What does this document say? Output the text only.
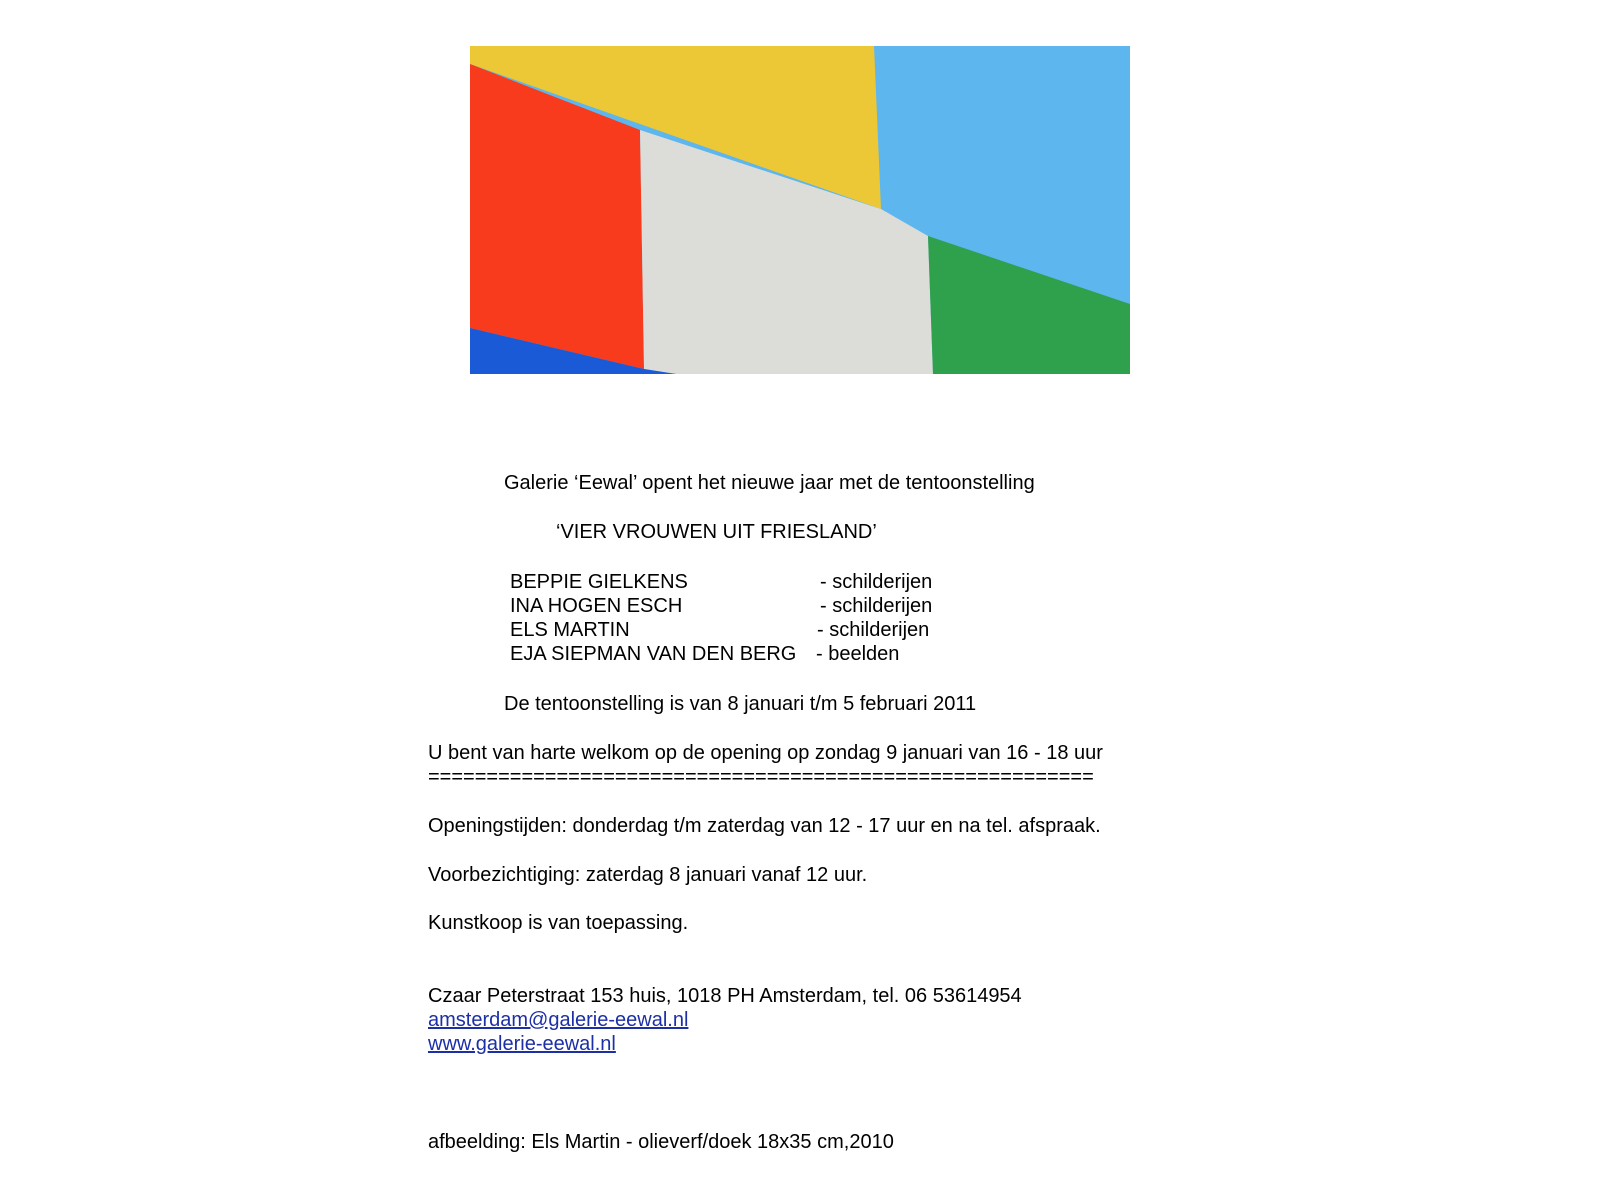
Galerie ‘Eewal’ opent het nieuwe jaar met de tentoonstelling

‘VIER VROUWEN UIT FRIESLAND’

BEPPIE GIELKENS	- schilderijen

INA HOGEN ESCH	- schilderijen

ELS MARTIN	- schilderijen

EJA SIEPMAN VAN DEN BERG - beelden

De tentoonstelling is van 8 januari t/m 5 februari 2011

U bent van harte welkom op de opening op zondag 9 januari van 16 - 18 uur

=========================================================

Openingstijden: donderdag t/m zaterdag van 12 - 17 uur en na tel. afspraak.

Voorbezichtiging: zaterdag 8 januari vanaf 12 uur.

Kunstkoop is van toepassing.

Czaar Peterstraat 153 huis, 1018 PH Amsterdam, tel. 06 53614954

amsterdam@galerie-eewal.nl
www.galerie-eewal.nl

afbeelding: Els Martin - olieverf/doek 18x35 cm,2010
